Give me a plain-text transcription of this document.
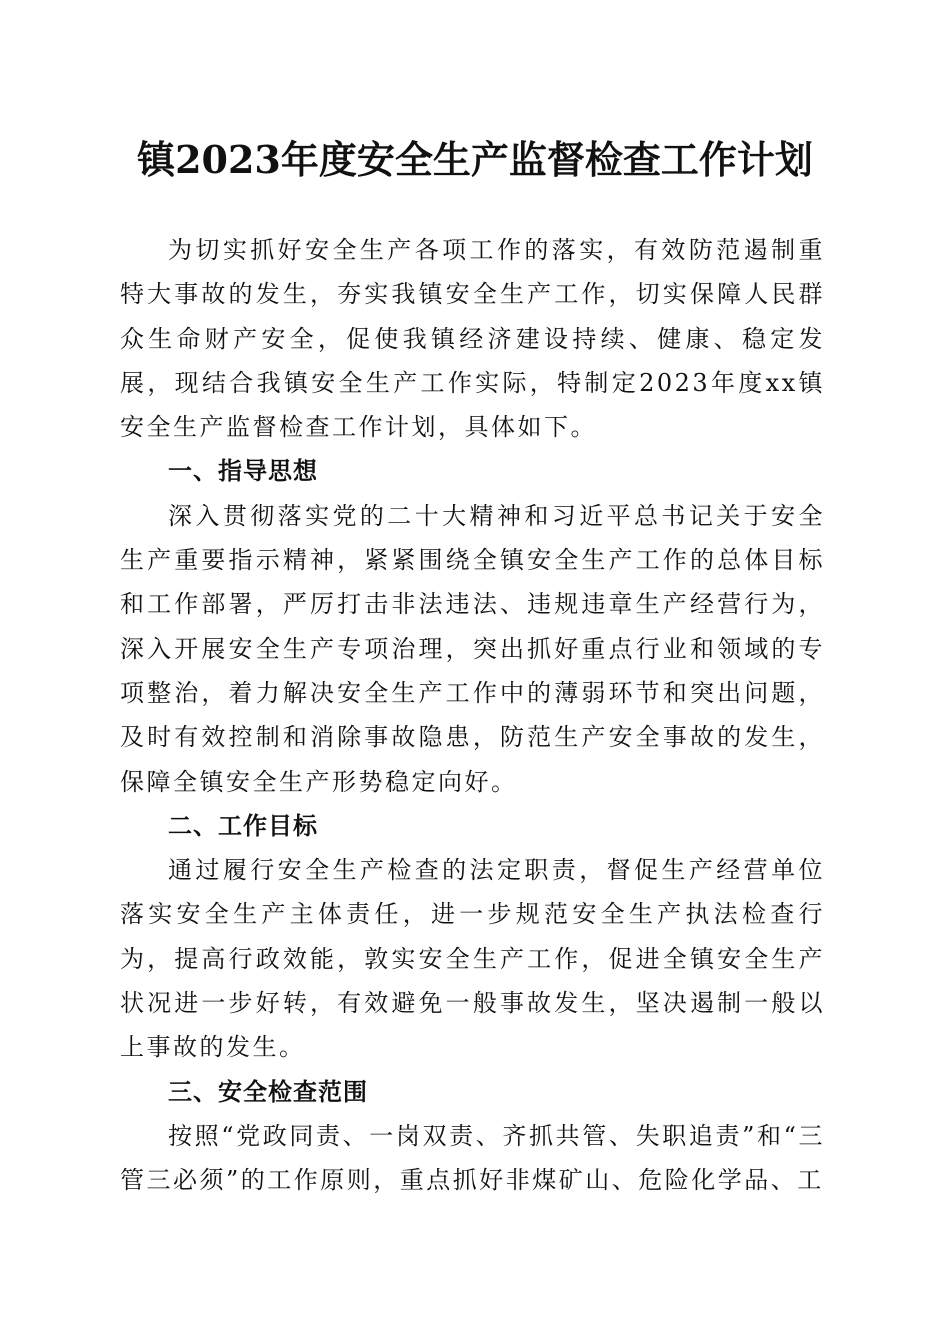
镇2023年度安全生产监督检查工作计划

为切实抓好安全生产各项工作的落实，有效防范遏制重特大事故的发生，夯实我镇安全生产工作，切实保障人民群众生命财产安全，促使我镇经济建设持续、健康、稳定发展，现结合我镇安全生产工作实际，特制定2023年度xx镇安全生产监督检查工作计划，具体如下。

一、指导思想

深入贯彻落实党的二十大精神和习近平总书记关于安全生产重要指示精神，紧紧围绕全镇安全生产工作的总体目标和工作部署，严厉打击非法违法、违规违章生产经营行为，深入开展安全生产专项治理，突出抓好重点行业和领域的专项整治，着力解决安全生产工作中的薄弱环节和突出问题，及时有效控制和消除事故隐患，防范生产安全事故的发生，保障全镇安全生产形势稳定向好。

二、工作目标

通过履行安全生产检查的法定职责，督促生产经营单位落实安全生产主体责任，进一步规范安全生产执法检查行为，提高行政效能，敦实安全生产工作，促进全镇安全生产状况进一步好转，有效避免一般事故发生，坚决遏制一般以上事故的发生。

三、安全检查范围

按照“党政同责、一岗双责、齐抓共管、失职追责”和“三管三必须”的工作原则，重点抓好非煤矿山、危险化学品、工
